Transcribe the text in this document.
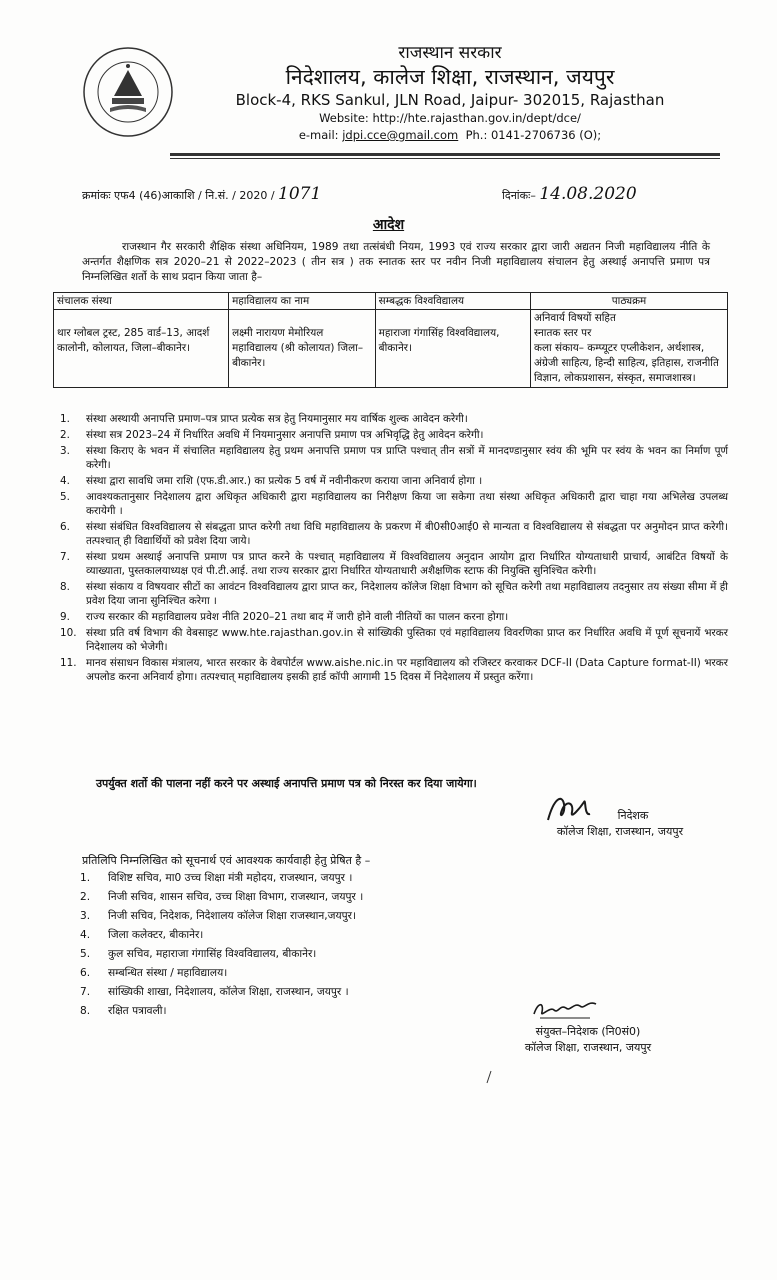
राजस्थान सरकार
निदेशालय, कालेज शिक्षा, राजस्थान, जयपुर
Block-4, RKS Sankul, JLN Road, Jaipur- 302015, Rajasthan
Website: http://hte.rajasthan.gov.in/dept/dce/
e-mail: jdpi.cce@gmail.com Ph.: 0141-2706736 (O);
क्रमांकः एफ4 (46)आकाशि / नि.सं. / 2020 / 1071	दिनांकः– 14.08.2020
आदेश
राजस्थान गैर सरकारी शैक्षिक संस्था अधिनियम, 1989 तथा तत्संबंधी नियम, 1993 एवं राज्य सरकार द्वारा जारी अद्यतन निजी महाविद्यालय नीति के अन्तर्गत शैक्षणिक सत्र 2020–21 से 2022–2023 ( तीन सत्र ) तक स्नातक स्तर पर नवीन निजी महाविद्यालय संचालन हेतु अस्थाई अनापत्ति प्रमाण पत्र निम्नलिखित शर्तो के साथ प्रदान किया जाता है–
संचालक संस्था	महाविद्यालय का नाम	सम्बद्धक विश्वविद्यालय	पाठ्यक्रम

थार ग्लोबल ट्रस्ट, 285 वार्ड–13, आदर्श कालोनी, कोलायत, जिला–बीकानेर।	लक्ष्मी नारायण मेमोरियल महाविद्यालय (श्री कोलायत) जिला–बीकानेर।	महाराजा गंगासिंह विश्वविद्यालय, बीकानेर।	अनिवार्य विषयों सहित
स्नातक स्तर पर
कला संकाय– कम्प्यूटर एप्लीकेशन, अर्थशास्त्र, अंग्रेजी साहित्य, हिन्दी साहित्य, इतिहास, राजनीति विज्ञान, लोकप्रशासन, संस्कृत, समाजशास्त्र।
1.	संस्था अस्थायी अनापत्ति प्रमाण–पत्र प्राप्त प्रत्येक सत्र हेतु नियमानुसार मय वार्षिक शुल्क आवेदन करेगी।
2.	संस्था सत्र 2023–24 में निर्धारित अवधि में नियमानुसार अनापत्ति प्रमाण पत्र अभिवृद्धि हेतु आवेदन करेगी।
3.	संस्था किराए के भवन में संचालित महाविद्यालय हेतु प्रथम अनापत्ति प्रमाण पत्र प्राप्ति पश्चात् तीन सत्रों में मानदण्डानुसार स्वंय की भूमि पर स्वंय के भवन का निर्माण पूर्ण करेगी।
4.	संस्था द्वारा सावधि जमा राशि (एफ.डी.आर.) का प्रत्येक 5 वर्ष में नवीनीकरण कराया जाना अनिवार्य होगा ।
5.	आवश्यकतानुसार निदेशालय द्वारा अधिकृत अधिकारी द्वारा महाविद्यालय का निरीक्षण किया जा सकेगा तथा संस्था अधिकृत अधिकारी द्वारा चाहा गया अभिलेख उपलब्ध करायेगी ।
6.	संस्था संबंधित विश्वविद्यालय से संबद्धता प्राप्त करेगी तथा विधि महाविद्यालय के प्रकरण में बी0सी0आई0 से मान्यता व विश्वविद्यालय से संबद्धता पर अनुमोदन प्राप्त करेगी। तत्पश्चात् ही विद्यार्थियों को प्रवेश दिया जाये।
7.	संस्था प्रथम अस्थाई अनापत्ति प्रमाण पत्र प्राप्त करने के पश्चात् महाविद्यालय में विश्वविद्यालय अनुदान आयोग द्वारा निर्धारित योग्यताधारी प्राचार्य, आबंटित विषयों के व्याख्याता, पुस्तकालयाध्यक्ष एवं पी.टी.आई. तथा राज्य सरकार द्वारा निर्धारित योग्यताधारी अशैक्षणिक स्टाफ की नियुक्ति सुनिश्चित करेगी।
8.	संस्था संकाय व विषयवार सीटों का आवंटन विश्वविद्यालय द्वारा प्राप्त कर, निदेशालय कॉलेज शिक्षा विभाग को सूचित करेगी तथा महाविद्यालय तदनुसार तय संख्या सीमा में ही प्रवेश दिया जाना सुनिश्चित करेगा ।
9.	राज्य सरकार की महाविद्यालय प्रवेश नीति 2020–21 तथा बाद में जारी होने वाली नीतियों का पालन करना होगा।
10. संस्था प्रति वर्ष विभाग की वेबसाइट www.hte.rajasthan.gov.in से सांख्यिकी पुस्तिका एवं महाविद्यालय विवरणिका प्राप्त कर निर्धारित अवधि में पूर्ण सूचनायें भरकर निदेशालय को भेजेगी।
11. मानव संसाधन विकास मंत्रालय, भारत सरकार के वेबपोर्टल www.aishe.nic.in पर महाविद्यालय को रजिस्टर करवाकर DCF-II (Data Capture format-II) भरकर अपलोड करना अनिवार्य होगा। तत्पश्चात् महाविद्यालय इसकी हार्ड कॉपी आगामी 15 दिवस में निदेशालय में प्रस्तुत करेंगा।
उपर्युक्त शर्तो की पालना नहीं करने पर अस्थाई अनापत्ति प्रमाण पत्र को निरस्त कर दिया जायेगा।
निदेशक
कॉलेज शिक्षा, राजस्थान, जयपुर
प्रतिलिपि निम्नलिखित को सूचनार्थ एवं आवश्यक कार्यवाही हेतु प्रेषित है –
1.	विशिष्ट सचिव, मा0 उच्च शिक्षा मंत्री महोदय, राजस्थान, जयपुर ।
2.	निजी सचिव, शासन सचिव, उच्च शिक्षा विभाग, राजस्थान, जयपुर ।
3.	निजी सचिव, निदेशक, निदेशालय कॉलेज शिक्षा राजस्थान,जयपुर।
4.	जिला कलेक्टर, बीकानेर।
5.	कुल सचिव, महाराजा गंगासिंह विश्वविद्यालय, बीकानेर।
6.	सम्बन्धित संस्था / महाविद्यालय।
7.	सांख्यिकी शाखा, निदेशालय, कॉलेज शिक्षा, राजस्थान, जयपुर ।
8.	रक्षित पत्रावली।
संयुक्त–निदेशक (नि0सं0)
कॉलेज शिक्षा, राजस्थान, जयपुर
